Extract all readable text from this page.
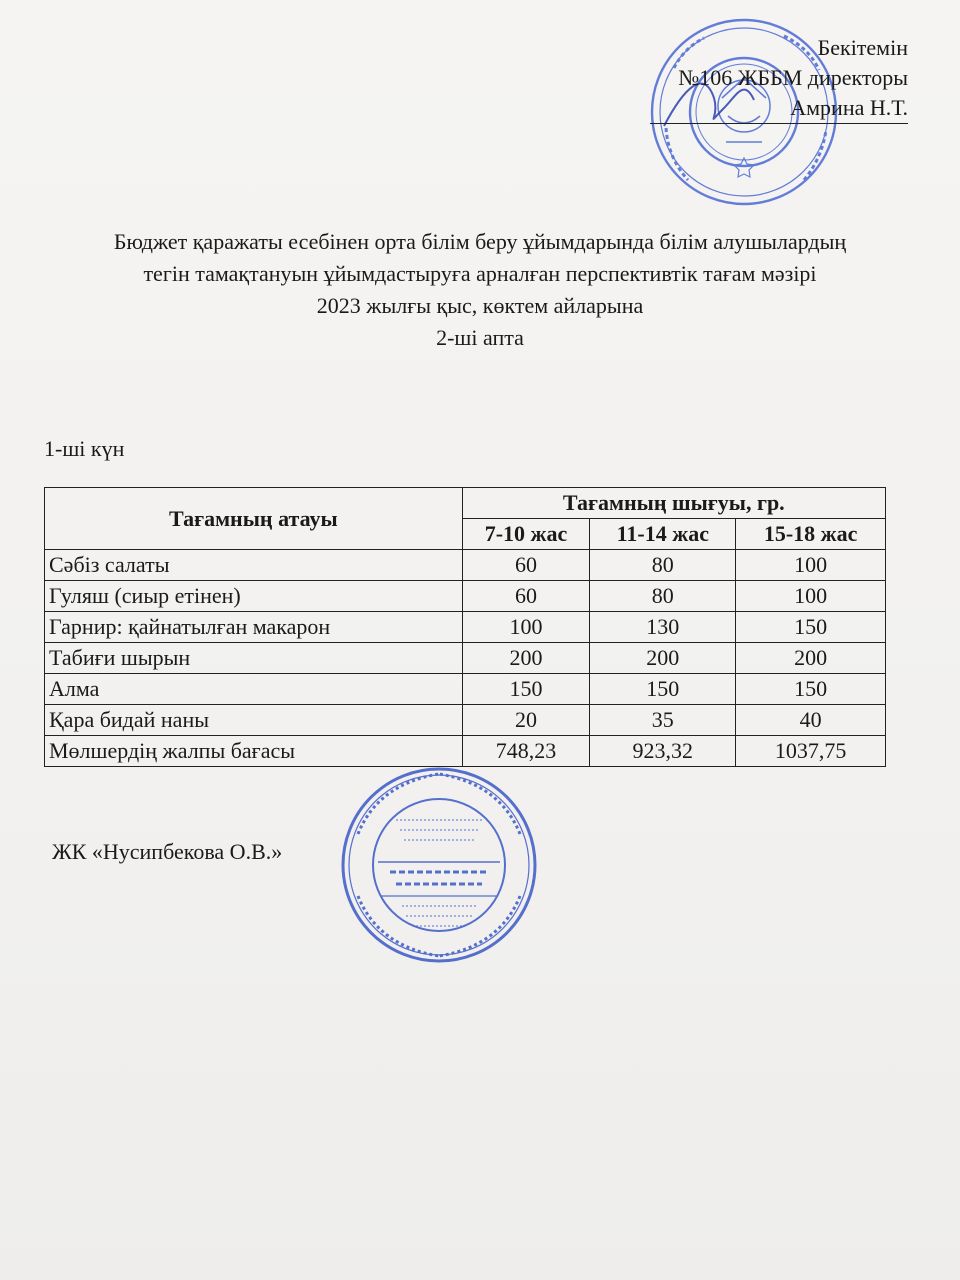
Бекітемін
№106 ЖББМ директоры
Амрина Н.Т.
Бюджет қаражаты есебінен орта білім беру ұйымдарында білім алушылардың
тегін тамақтануын ұйымдастыруға арналған перспективтік тағам мәзірі
2023 жылғы қыс, көктем айларына
2-ші апта
1-ші күн
Тағамның атауы	Тағамның шығуы, гр.		
	7-10 жас	11-14 жас	15-18 жас
Сәбіз салаты	60	80	100
Гуляш (сиыр етінен)	60	80	100
Гарнир: қайнатылған макарон	100	130	150
Табиғи шырын	200	200	200
Алма	150	150	150
Қара бидай наны	20	35	40
Мөлшердің жалпы бағасы	748,23	923,32	1037,75
ЖК «Нусипбекова О.В.»
